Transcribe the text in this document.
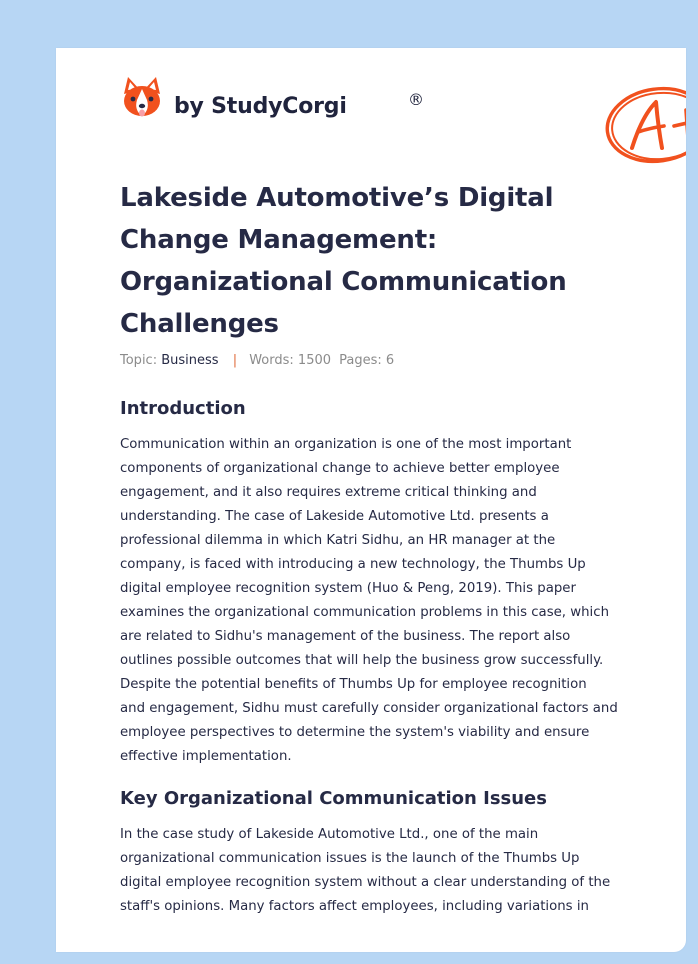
by StudyCorgi	®
Lakeside Automotive’s Digital
Change Management:
Organizational Communication
Challenges
Topic: Business | Words: 1500 Pages: 6
Introduction
Communication within an organization is one of the most important
components of organizational change to achieve better employee
engagement, and it also requires extreme critical thinking and
understanding. The case of Lakeside Automotive Ltd. presents a
professional dilemma in which Katri Sidhu, an HR manager at the
company, is faced with introducing a new technology, the Thumbs Up
digital employee recognition system (Huo & Peng, 2019). This paper
examines the organizational communication problems in this case, which
are related to Sidhu's management of the business. The report also
outlines possible outcomes that will help the business grow successfully.
Despite the potential benefits of Thumbs Up for employee recognition
and engagement, Sidhu must carefully consider organizational factors and
employee perspectives to determine the system's viability and ensure
effective implementation.
Key Organizational Communication Issues
In the case study of Lakeside Automotive Ltd., one of the main
organizational communication issues is the launch of the Thumbs Up
digital employee recognition system without a clear understanding of the
staff's opinions. Many factors affect employees, including variations in
